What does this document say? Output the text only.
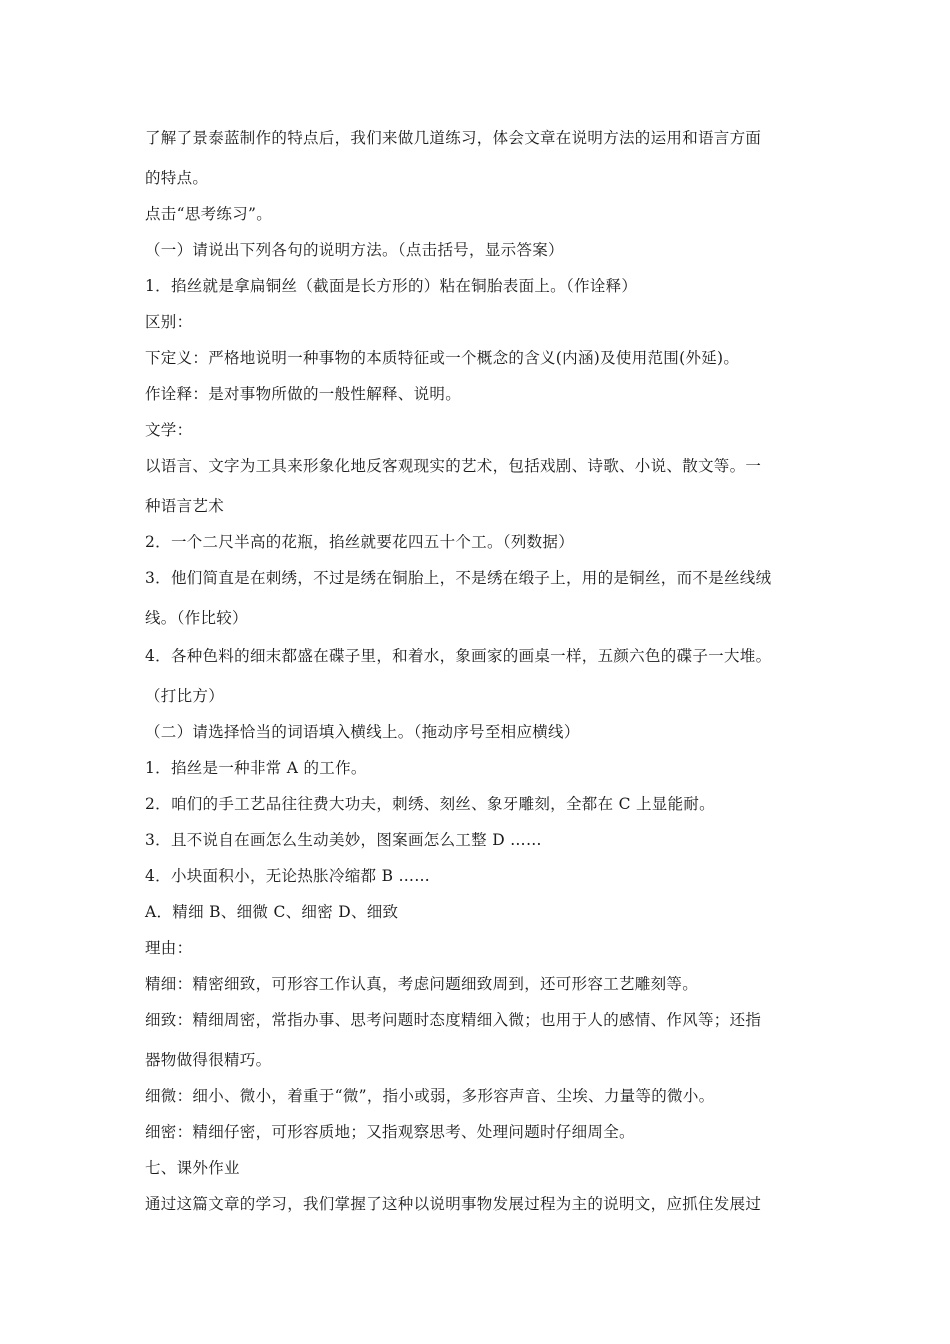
了解了景泰蓝制作的特点后，我们来做几道练习，体会文章在说明方法的运用和语言方面
的特点。
点击“思考练习”。
（一）请说出下列各句的说明方法。（点击括号，显示答案）
1．掐丝就是拿扁铜丝（截面是长方形的）粘在铜胎表面上。（作诠释）
区别：
下定义：严格地说明一种事物的本质特征或一个概念的含义(内涵)及使用范围(外延)。
作诠释：是对事物所做的一般性解释、说明。
文学：
以语言、文字为工具来形象化地反客观现实的艺术，包括戏剧、诗歌、小说、散文等。一
种语言艺术
2．一个二尺半高的花瓶，掐丝就要花四五十个工。（列数据）
3．他们简直是在刺绣，不过是绣在铜胎上，不是绣在缎子上，用的是铜丝，而不是丝线绒
线。（作比较）
4．各种色料的细末都盛在碟子里，和着水，象画家的画桌一样，五颜六色的碟子一大堆。
（打比方）
（二）请选择恰当的词语填入横线上。（拖动序号至相应横线）
1．掐丝是一种非常 A 的工作。
2．咱们的手工艺品往往费大功夫，刺绣、刻丝、象牙雕刻，全都在 C 上显能耐。
3．且不说自在画怎么生动美妙，图案画怎么工整 D ……
4．小块面积小，无论热胀冷缩都 B ……
A．精细 B、细微 C、细密 D、细致
理由：
精细：精密细致，可形容工作认真，考虑问题细致周到，还可形容工艺雕刻等。
细致：精细周密，常指办事、思考问题时态度精细入微；也用于人的感情、作风等；还指
器物做得很精巧。
细微：细小、微小，着重于“微”，指小或弱，多形容声音、尘埃、力量等的微小。
细密：精细仔密，可形容质地；又指观察思考、处理问题时仔细周全。
七、课外作业
通过这篇文章的学习，我们掌握了这种以说明事物发展过程为主的说明文，应抓住发展过
